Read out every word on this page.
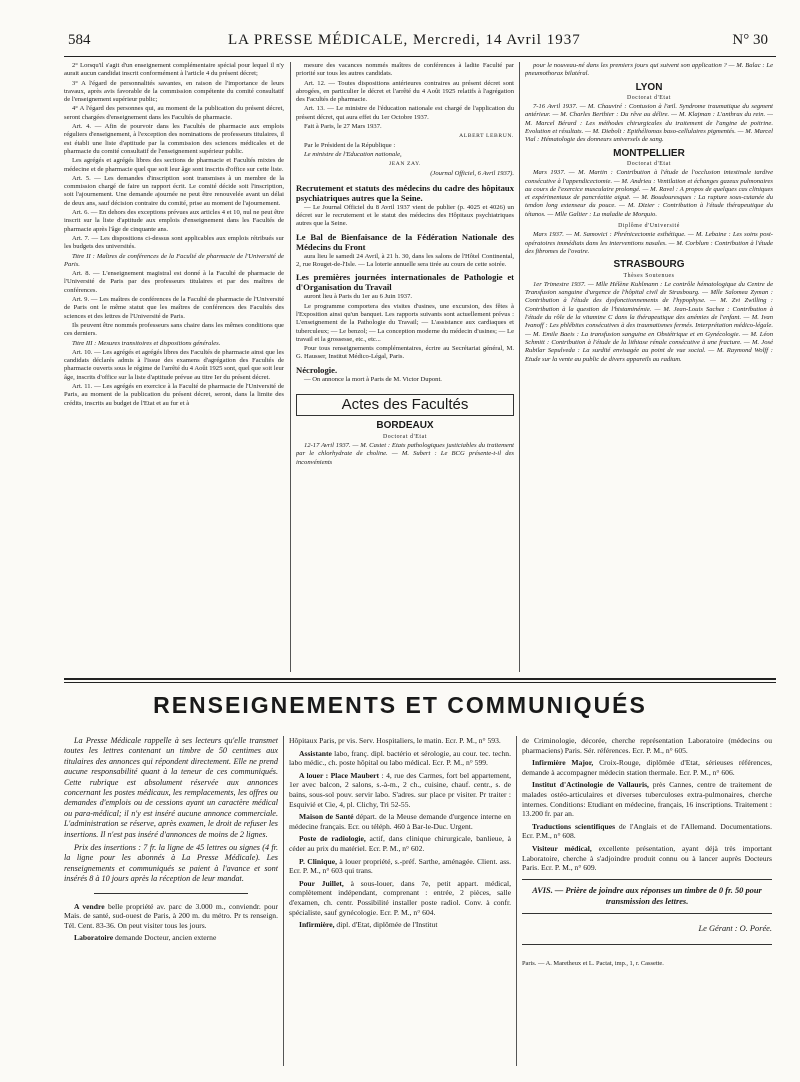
584	LA PRESSE MÉDICALE, Mercredi, 14 Avril 1937	N° 30

2° Lorsqu'il s'agit d'un enseignement complémentaire spécial pour lequel il n'y aurait aucun candidat inscrit conformément à l'article 4 du présent décret;

3° A l'égard de personnalités savantes, en raison de l'importance de leurs travaux, après avis favorable de la commission compétente du comité consultatif de l'enseignement supérieur public;

4° A l'égard des personnes qui, au moment de la publication du présent décret, seront chargées d'enseignement dans les Facultés de pharmacie.

Art. 4. — Afin de pourvoir dans les Facultés de pharmacie aux emplois réguliers d'enseignement, à l'exception des nominations de professeurs titulaires, il est établi une liste d'aptitude par la commission des sciences médicales et de pharmacie du comité consultatif de l'enseignement supérieur public.

Les agrégés et agrégés libres des sections de pharmacie et Facultés mixtes de médecine et de pharmacie quel que soit leur âge sont inscrits d'office sur cette liste.

Art. 5. — Les demandes d'inscription sont transmises à un membre de la commission chargé de faire un rapport écrit. Le comité décide soit l'inscription, soit l'ajournement. Une demande ajournée ne peut être renouvelée avant un délai de deux ans, sauf décision contraire du comité, prise au moment de l'ajournement.

Art. 6. — En dehors des exceptions prévues aux articles 4 et 10, nul ne peut être inscrit sur la liste d'aptitude aux emplois d'enseignement dans les Facultés de pharmacie après l'âge de cinquante ans.

Art. 7. — Les dispositions ci-dessus sont applicables aux emplois rétribués sur les budgets des universités.

Titre II : Maîtres de conférences de la Faculté de pharmacie de l'Université de Paris.

Art. 8. — L'enseignement magistral est donné à la Faculté de pharmacie de l'Université de Paris par des professeurs titulaires et par des maîtres de conférences.

Art. 9. — Les maîtres de conférences de la Faculté de pharmacie de l'Université de Paris ont le même statut que les maîtres de conférences des Facultés des sciences et des lettres de l'Université de Paris.

Ils peuvent être nommés professeurs sans chaire dans les mêmes conditions que ces derniers.

Titre III : Mesures transitoires et dispositions générales.

Art. 10. — Les agrégés et agrégés libres des Facultés de pharmacie ainsi que les candidats déclarés admis à l'issue des examens d'agrégation des Facultés de pharmacie ouverts sous le régime de l'arrêté du 4 Août 1925 sont, quel que soit leur âge, inscrits d'office sur la liste d'aptitude prévue au titre Ier du présent décret.

Art. 11. — Les agrégés en exercice à la Faculté de pharmacie de l'Université de Paris, au moment de la publication du présent décret, seront, dans la limite des crédits, inscrits au budget de l'Etat et au fur et à

mesure des vacances nommés maîtres de conférences à ladite Faculté par priorité sur tous les autres candidats.

Art. 12. — Toutes dispositions antérieures contraires au présent décret sont abrogées, en particulier le décret et l'arrêté du 4 Août 1925 relatifs à l'agrégation des Facultés de pharmacie.

Art. 13. — Le ministre de l'éducation nationale est chargé de l'application du présent décret, qui aura effet du 1er Octobre 1937.

Fait à Paris, le 27 Mars 1937.

ALBERT LEBRUN.

Par le Président de la République :

Le ministre de l'Education nationale,

JEAN ZAY.

(Journal Officiel, 6 Avril 1937).

Recrutement et statuts des médecins du cadre des hôpitaux psychiatriques autres que la Seine.

— Le Journal Officiel du 8 Avril 1937 vient de publier (p. 4025 et 4026) un décret sur le recrutement et le statut des médecins des Hôpitaux psychiatriques autres que la Seine.

Le Bal de Bienfaisance de la Fédération Nationale des Médecins du Front

aura lieu le samedi 24 Avril, à 21 h. 30, dans les salons de l'Hôtel Continental, 2, rue Rouget-de-l'Isle. — La loterie annuelle sera tirée au cours de cette soirée.

Les premières journées internationales de Pathologie et d'Organisation du Travail

auront lieu à Paris du 1er au 6 Juin 1937.

Le programme comportera des visites d'usines, une excursion, des fêtes à l'Exposition ainsi qu'un banquet. Les rapports suivants sont actuellement prévus : L'enseignement de la Pathologie du Travail; — L'assistance aux cardiaques et tuberculeux; — Le benzol; — La conception moderne du médecin d'usines; — Le travail et la grossesse, etc., etc...

Pour tous renseignements complémentaires, écrire au Secrétariat général, M. G. Hausser, Institut Médico-Légal, Paris.

Nécrologie.

— On annonce la mort à Paris de M. Victor Dupont.

Actes des Facultés
BORDEAUX

Doctorat d'Etat

12-17 Avril 1937. — M. Castet : Etats pathologiques justiciables du traitement par le chlorhydrate de choline. — M. Subert : Le BCG présente-t-il des inconvénients

pour le nouveau-né dans les premiers jours qui suivent son application ? — M. Balac : Le pneumothorax bilatéral.

LYON

Doctorat d'Etat

7-16 Avril 1937. — M. Chauviré : Contusion à l'œil. Syndrome traumatique du segment antérieur. — M. Charles Berthier : Du rêve au délire. — M. Klajman : L'anthrax du rein. — M. Marcel Bérard : Les méthodes chirurgicales du traitement de l'angine de poitrine. Evolution et résultats. — M. Diebolt : Epithéliomas baso-cellulaires pigmentés. — M. Marcel Vial : Hématologie des donneurs universels de sang.

MONTPELLIER

Doctorat d'Etat

Mars 1937. — M. Martin : Contribution à l'étude de l'occlusion intestinale tardive consécutive à l'appendicectomie. — M. Andrieu : Ventilation et échanges gazeux pulmonaires au cours de l'exercice musculaire prolongé. — M. Ravel : A propos de quelques cas cliniques et expérimentaux de pancréatite aiguë. — M. Boudouresques : La rupture sous-cutanée du tendon long extenseur du pouce. — M. Dizier : Contribution à l'étude thérapeutique du tétanos. — Mlle Galtier : La maladie de Morquio.

Diplôme d'Université

Mars 1937. — M. Samovici : Phrénicectomie esthétique. — M. Lebaine : Les soins post-opératoires immédiats dans les interventions nasales. — M. Corblum : Contribution à l'étude des fibromes de l'ovaire.

STRASBOURG

Thèses Soutenues

1er Trimestre 1937. — Mlle Hélène Kuhlmann : Le contrôle hématologique du Centre de Transfusion sanguine d'urgence de l'hôpital civil de Strasbourg. — Mlle Salomea Zyman : Contribution à l'étude des dysfonctionnements de l'hypophyse. — M. Zvi Zwilling : Contribution à la question de l'histaminémie. — M. Jean-Louis Sachez : Contribution à l'étude du rôle de la vitamine C dans la thérapeutique des anémies de l'enfant. — M. Ivan Ivanoff : Les phlébites consécutives à des traumatismes fermés. Interprétation médico-légale. — M. Emile Baeis : La transfusion sanguine en Obstétrique et en Gynécologie. — M. Léon Schmitt : Contribution à l'étude de la lithiase rénale consécutive à une fracture. — M. José Rubilar Sepulveda : La surdité envisagée au point de vue social. — M. Raymond Wolff : Etude sur la vente au public de divers appareils au radium.

RENSEIGNEMENTS ET COMMUNIQUÉS

La Presse Médicale rappelle à ses lecteurs qu'elle transmet toutes les lettres contenant un timbre de 50 centimes aux titulaires des annonces qui répondent directement. Elle ne prend aucune responsabilité quant à la teneur de ces communiqués. Cette rubrique est absolument réservée aux annonces concernant les postes médicaux, les remplacements, les offres ou demandes d'emplois ou de cessions ayant un caractère médical ou para-médical; il n'y est inséré aucune annonce commerciale. L'administration se réserve, après examen, le droit de refuser les insertions. Il n'est pas inséré d'annonces de moins de 2 lignes.

Prix des insertions : 7 fr. la ligne de 45 lettres ou signes (4 fr. la ligne pour les abonnés à La Presse Médicale). Les renseignements et communiqués se paient à l'avance et sont insérés 8 à 10 jours après la réception de leur mandat.

A vendre belle propriété av. parc de 3.000 m., conviendr. pour Mais. de santé, sud-ouest de Paris, à 200 m. du métro. Pr ts renseign. Tél. Cent. 83-36. On peut visiter tous les jours.

Laboratoire demande Docteur, ancien externe

Hôpitaux Paris, pr vis. Serv. Hospitaliers, le matin. Ecr. P. M., n° 593.

Assistante labo, franç. dipl. bactério et sérologie, au cour. tec. techn. labo médic., ch. poste hôpital ou labo médical. Ecr. P. M., n° 599.

A louer : Place Maubert : 4, rue des Carmes, fort bel appartement, 1er avec balcon, 2 salons, s.-à-m., 2 ch., cuisine, chauf. centr., s. de bains, sous-sol pouv. servir labo. S'adres. sur place pr visiter. Pr traiter : Esquivié et Cie, 4, pl. Clichy, Tri 52-55.

Maison de Santé départ. de la Meuse demande d'urgence interne en médecine français. Ecr. ou téléph. 460 à Bar-le-Duc. Urgent.

Poste de radiologie, actif, dans clinique chirurgicale, banlieue, à céder au prix du matériel. Ecr. P. M., n° 602.

P. Clinique, à louer propriété, s.-préf. Sarthe, aménagée. Client. ass. Ecr. P. M., n° 603 qui trans.

Pour Juillet, à sous-louer, dans 7e, petit appart. médical, complètement indépendant, comprenant : entrée, 2 pièces, salle d'examen, ch. centr. Possibilité installer poste radiol. Conv. à confr. spécialiste, sauf gynécologie. Ecr. P. M., n° 604.

Infirmière, dipl. d'Etat, diplômée de l'Institut

de Criminologie, décorée, cherche représentation Laboratoire (médecins ou pharmaciens) Paris. Sér. références. Ecr. P. M., n° 605.

Infirmière Major, Croix-Rouge, diplômée d'Etat, sérieuses références, demande à accompagner médecin station thermale. Ecr. P. M., n° 606.

Institut d'Actinologie de Vallauris, près Cannes, centre de traitement de malades ostéo-articulaires et diverses tuberculoses extra-pulmonaires, cherche internes. Conditions: Etudiant en médecine, français, 16 inscriptions. Traitement : 13.200 fr. par an.

Traductions scientifiques de l'Anglais et de l'Allemand. Documentations. Ecr. P.M., n° 608.

Visiteur médical, excellente présentation, ayant déjà très important Laboratoire, cherche à s'adjoindre produit connu ou à lancer auprès Docteurs Paris. Ecr. P. M., n° 609.

AVIS. — Prière de joindre aux réponses un timbre de 0 fr. 50 pour transmission des lettres.
Le Gérant : O. Porée.
Paris. — A. Maretheux et L. Pactat, imp., 1, r. Cassette.
